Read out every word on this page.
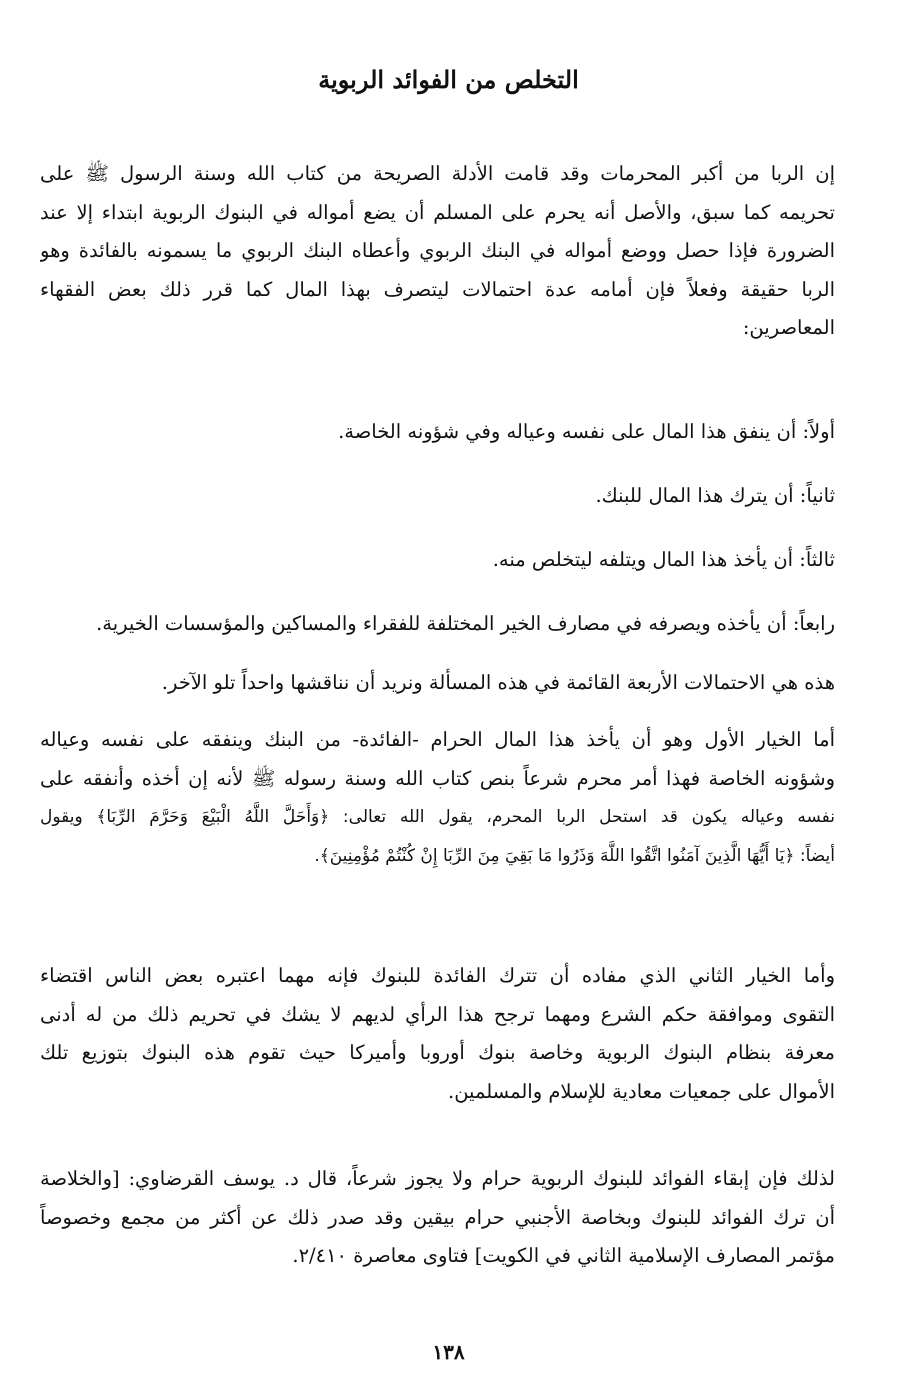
التخلص من الفوائد الربوية
إن الربا من أكبر المحرمات وقد قامت الأدلة الصريحة من كتاب الله وسنة الرسول ﷺ على
تحريمه كما سبق، والأصل أنه يحرم على المسلم أن يضع أمواله في البنوك الربوية ابتداء إلا عند
الضرورة فإذا حصل ووضع أمواله في البنك الربوي وأعطاه البنك الربوي ما يسمونه بالفائدة وهو
الربا حقيقة وفعلاً فإن أمامه عدة احتمالات ليتصرف بهذا المال كما قرر ذلك بعض الفقهاء
المعاصرين:
أولاً: أن ينفق هذا المال على نفسه وعياله وفي شؤونه الخاصة.
ثانياً: أن يترك هذا المال للبنك.
ثالثاً: أن يأخذ هذا المال ويتلفه ليتخلص منه.
رابعاً: أن يأخذه ويصرفه في مصارف الخير المختلفة للفقراء والمساكين والمؤسسات الخيرية.
هذه هي الاحتمالات الأربعة القائمة في هذه المسألة ونريد أن نناقشها واحداً تلو الآخر.
أما الخيار الأول وهو أن يأخذ هذا المال الحرام -الفائدة- من البنك وينفقه على نفسه وعياله
وشؤونه الخاصة فهذا أمر محرم شرعاً بنص كتاب الله وسنة رسوله ﷺ لأنه إن أخذه وأنفقه على
نفسه وعياله يكون قد استحل الربا المحرم، يقول الله تعالى: ﴿وَأَحَلَّ اللَّهُ الْبَيْعَ وَحَرَّمَ الرِّبَا﴾ ويقول
أيضاً: ﴿يَا أَيُّهَا الَّذِينَ آمَنُوا اتَّقُوا اللَّهَ وَذَرُوا مَا بَقِيَ مِنَ الرِّبَا إِنْ كُنْتُمْ مُؤْمِنِينَ﴾.
وأما الخيار الثاني الذي مفاده أن تترك الفائدة للبنوك فإنه مهما اعتبره بعض الناس اقتضاء
التقوى وموافقة حكم الشرع ومهما ترجح هذا الرأي لديهم لا يشك في تحريم ذلك من له أدنى
معرفة بنظام البنوك الربوية وخاصة بنوك أوروبا وأميركا حيث تقوم هذه البنوك بتوزيع تلك
الأموال على جمعيات معادية للإسلام والمسلمين.
لذلك فإن إبقاء الفوائد للبنوك الربوية حرام ولا يجوز شرعاً، قال د. يوسف القرضاوي: [والخلاصة
أن ترك الفوائد للبنوك وبخاصة الأجنبي حرام بيقين وقد صدر ذلك عن أكثر من مجمع وخصوصاً
مؤتمر المصارف الإسلامية الثاني في الكويت] فتاوى معاصرة ٢/٤١٠.
١٣٨
